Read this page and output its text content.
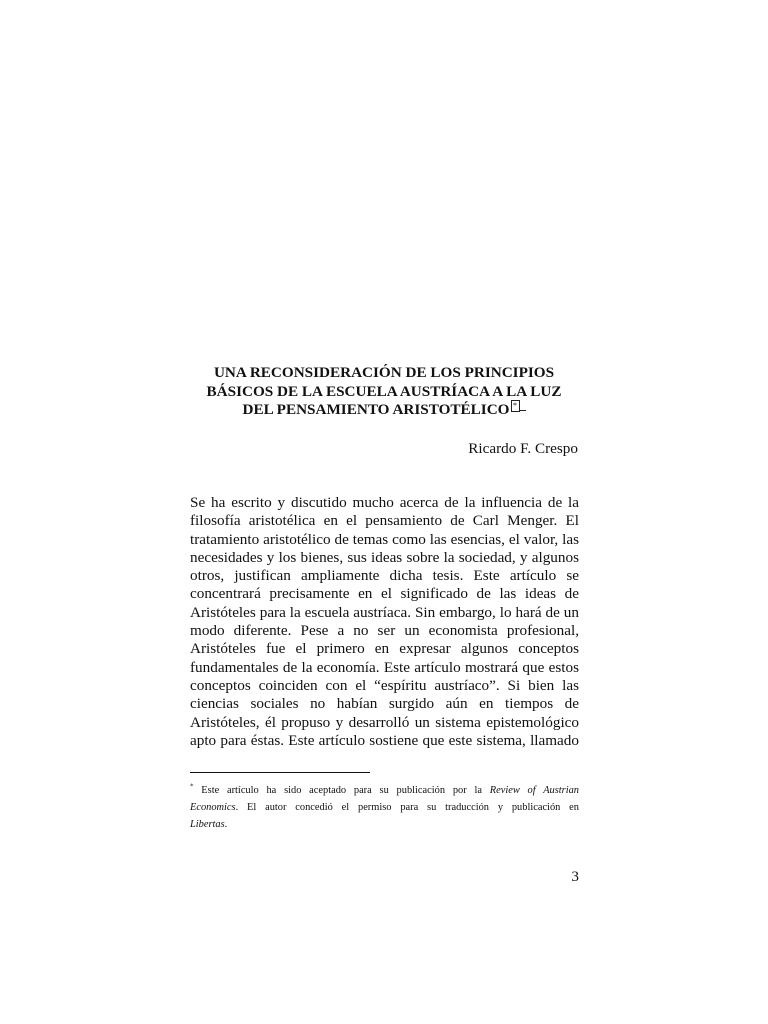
UNA RECONSIDERACIÓN DE LOS PRINCIPIOS
BÁSICOS DE LA ESCUELA AUSTRÍACA A LA LUZ
DEL PENSAMIENTO ARISTOTÉLICO *
Ricardo F. Crespo
Se ha escrito y discutido mucho acerca de la influencia de la
filosofía aristotélica en el pensamiento de Carl Menger. El
tratamiento aristotélico de temas como las esencias, el valor, las
necesidades y los bienes, sus ideas sobre la sociedad, y algunos
otros, justifican ampliamente dicha tesis. Este artículo se
concentrará precisamente en el significado de las ideas de
Aristóteles para la escuela austríaca. Sin embargo, lo hará de un
modo diferente. Pese a no ser un economista profesional,
Aristóteles fue el primero en expresar algunos conceptos
fundamentales de la economía. Este artículo mostrará que estos
conceptos coinciden con el “espíritu austríaco”. Si bien las
ciencias sociales no habían surgido aún en tiempos de
Aristóteles, él propuso y desarrolló un sistema epistemológico
apto para éstas. Este artículo sostiene que este sistema, llamado
* Este artículo ha sido aceptado para su publicación por la Review of Austrian
Economics. El autor concedió el permiso para su traducción y publicación en
Libertas.
3
